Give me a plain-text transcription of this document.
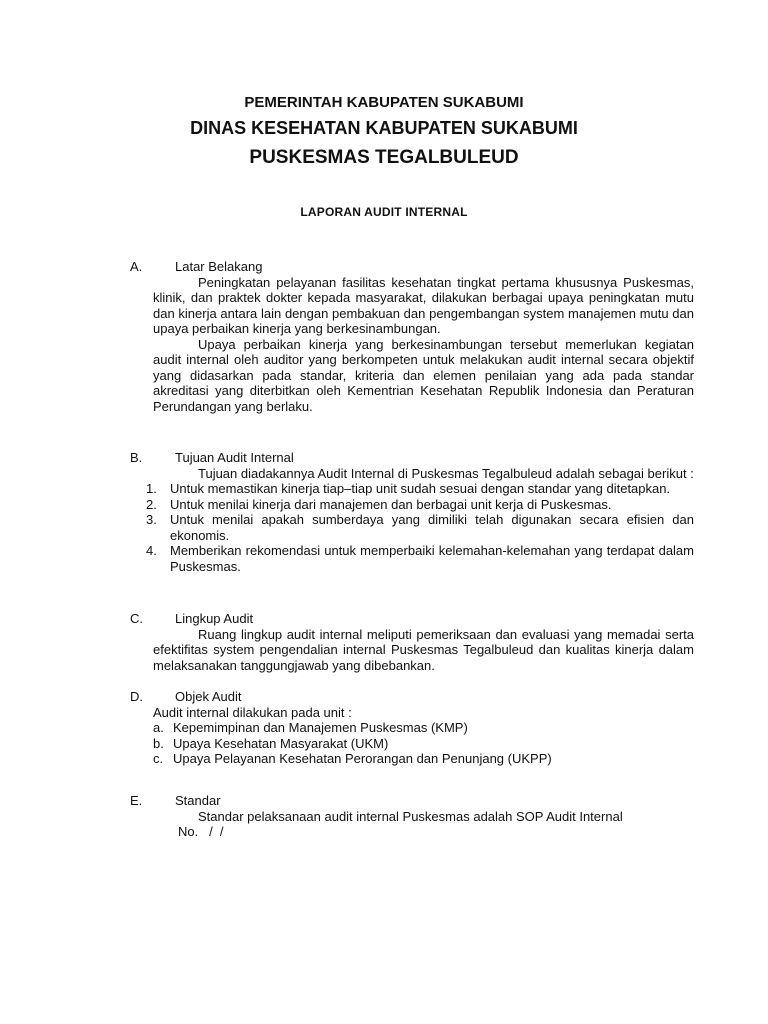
PEMERINTAH KABUPATEN SUKABUMI
DINAS KESEHATAN KABUPATEN SUKABUMI
PUSKESMAS TEGALBULEUD
LAPORAN AUDIT INTERNAL
A.	Latar Belakang

Peningkatan pelayanan fasilitas kesehatan tingkat pertama khususnya Puskesmas, klinik, dan praktek dokter kepada masyarakat, dilakukan berbagai upaya peningkatan mutu dan kinerja antara lain dengan pembakuan dan pengembangan system manajemen mutu dan upaya perbaikan kinerja yang berkesinambungan.

Upaya perbaikan kinerja yang berkesinambungan tersebut memerlukan kegiatan audit internal oleh auditor yang berkompeten untuk melakukan audit internal secara objektif yang didasarkan pada standar, kriteria dan elemen penilaian yang ada pada standar akreditasi yang diterbitkan oleh Kementrian Kesehatan Republik Indonesia dan Peraturan Perundangan yang berlaku.

B.	Tujuan Audit Internal

Tujuan diadakannya Audit Internal di Puskesmas Tegalbuleud adalah sebagai berikut :

1. Untuk memastikan kinerja tiap–tiap unit sudah sesuai dengan standar yang ditetapkan.
2. Untuk menilai kinerja dari manajemen dan berbagai unit kerja di Puskesmas.
3. Untuk menilai apakah sumberdaya yang dimiliki telah digunakan secara efisien dan ekonomis.
4. Memberikan rekomendasi untuk memperbaiki kelemahan-kelemahan yang terdapat dalam Puskesmas.
C. Lingkup Audit

Ruang lingkup audit internal meliputi pemeriksaan dan evaluasi yang memadai serta efektifitas system pengendalian internal Puskesmas Tegalbuleud dan kualitas kinerja dalam melaksanakan tanggungjawab yang dibebankan.

D. Objek Audit

Audit internal dilakukan pada unit :

a. Kepemimpinan dan Manajemen Puskesmas (KMP)
b. Upaya Kesehatan Masyarakat (UKM)
c. Upaya Pelayanan Kesehatan Perorangan dan Penunjang (UKPP)
E.	Standar

Standar pelaksanaan audit internal Puskesmas adalah SOP Audit Internal

No.   /  /
